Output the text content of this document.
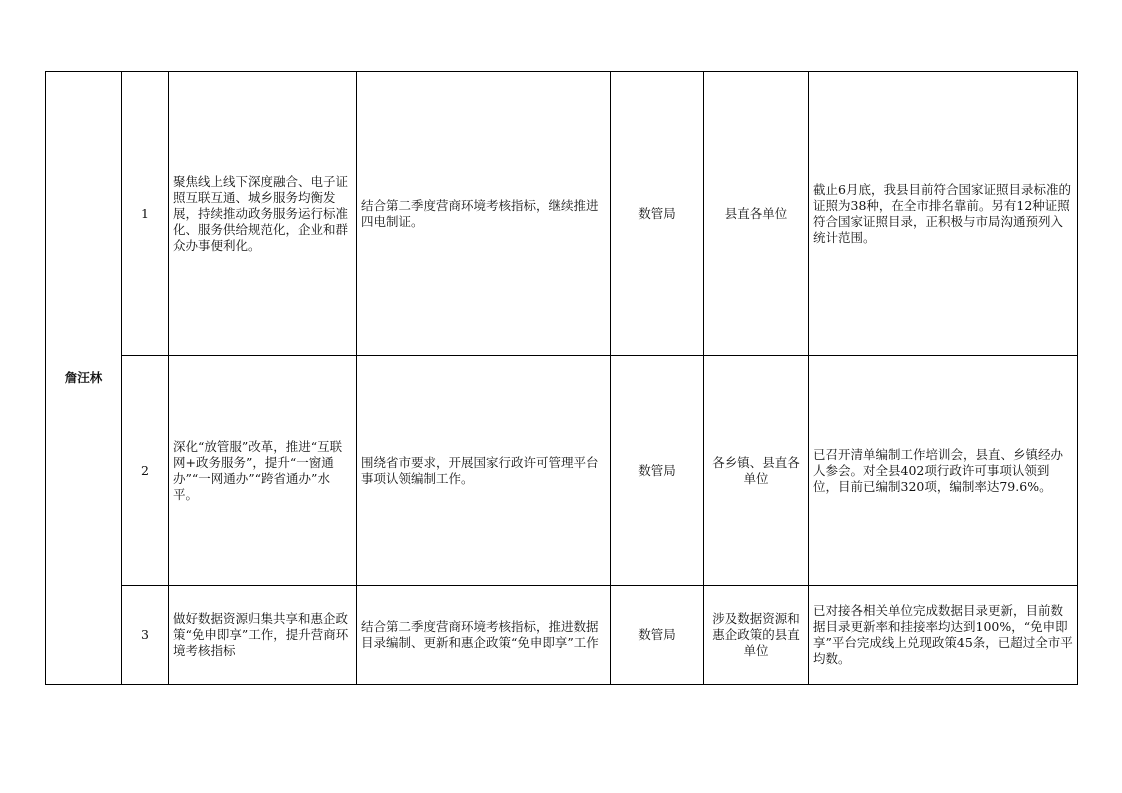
詹汪林	1	聚焦线上线下深度融合、电子证照互联互通、城乡服务均衡发展，持续推动政务服务运行标准化、服务供给规范化，企业和群众办事便利化。	结合第二季度营商环境考核指标，继续推进四电制证。	数管局	县直各单位	截止6月底，我县目前符合国家证照目录标准的证照为38种，在全市排名靠前。另有12种证照符合国家证照目录，正积极与市局沟通预列入统计范围。
	2	深化“放管服”改革，推进“互联网+政务服务”，提升“一窗通办”“一网通办”“跨省通办”水平。	围绕省市要求，开展国家行政许可管理平台事项认领编制工作。	数管局	各乡镇、县直各单位	已召开清单编制工作培训会，县直、乡镇经办人参会。对全县402项行政许可事项认领到位，目前已编制320项，编制率达79.6%。
	3	做好数据资源归集共享和惠企政策“免申即享”工作，提升营商环境考核指标	结合第二季度营商环境考核指标，推进数据目录编制、更新和惠企政策“免申即享”工作	数管局	涉及数据资源和惠企政策的县直单位	已对接各相关单位完成数据目录更新，目前数据目录更新率和挂接率均达到100%，“免申即享”平台完成线上兑现政策45条，已超过全市平均数。
